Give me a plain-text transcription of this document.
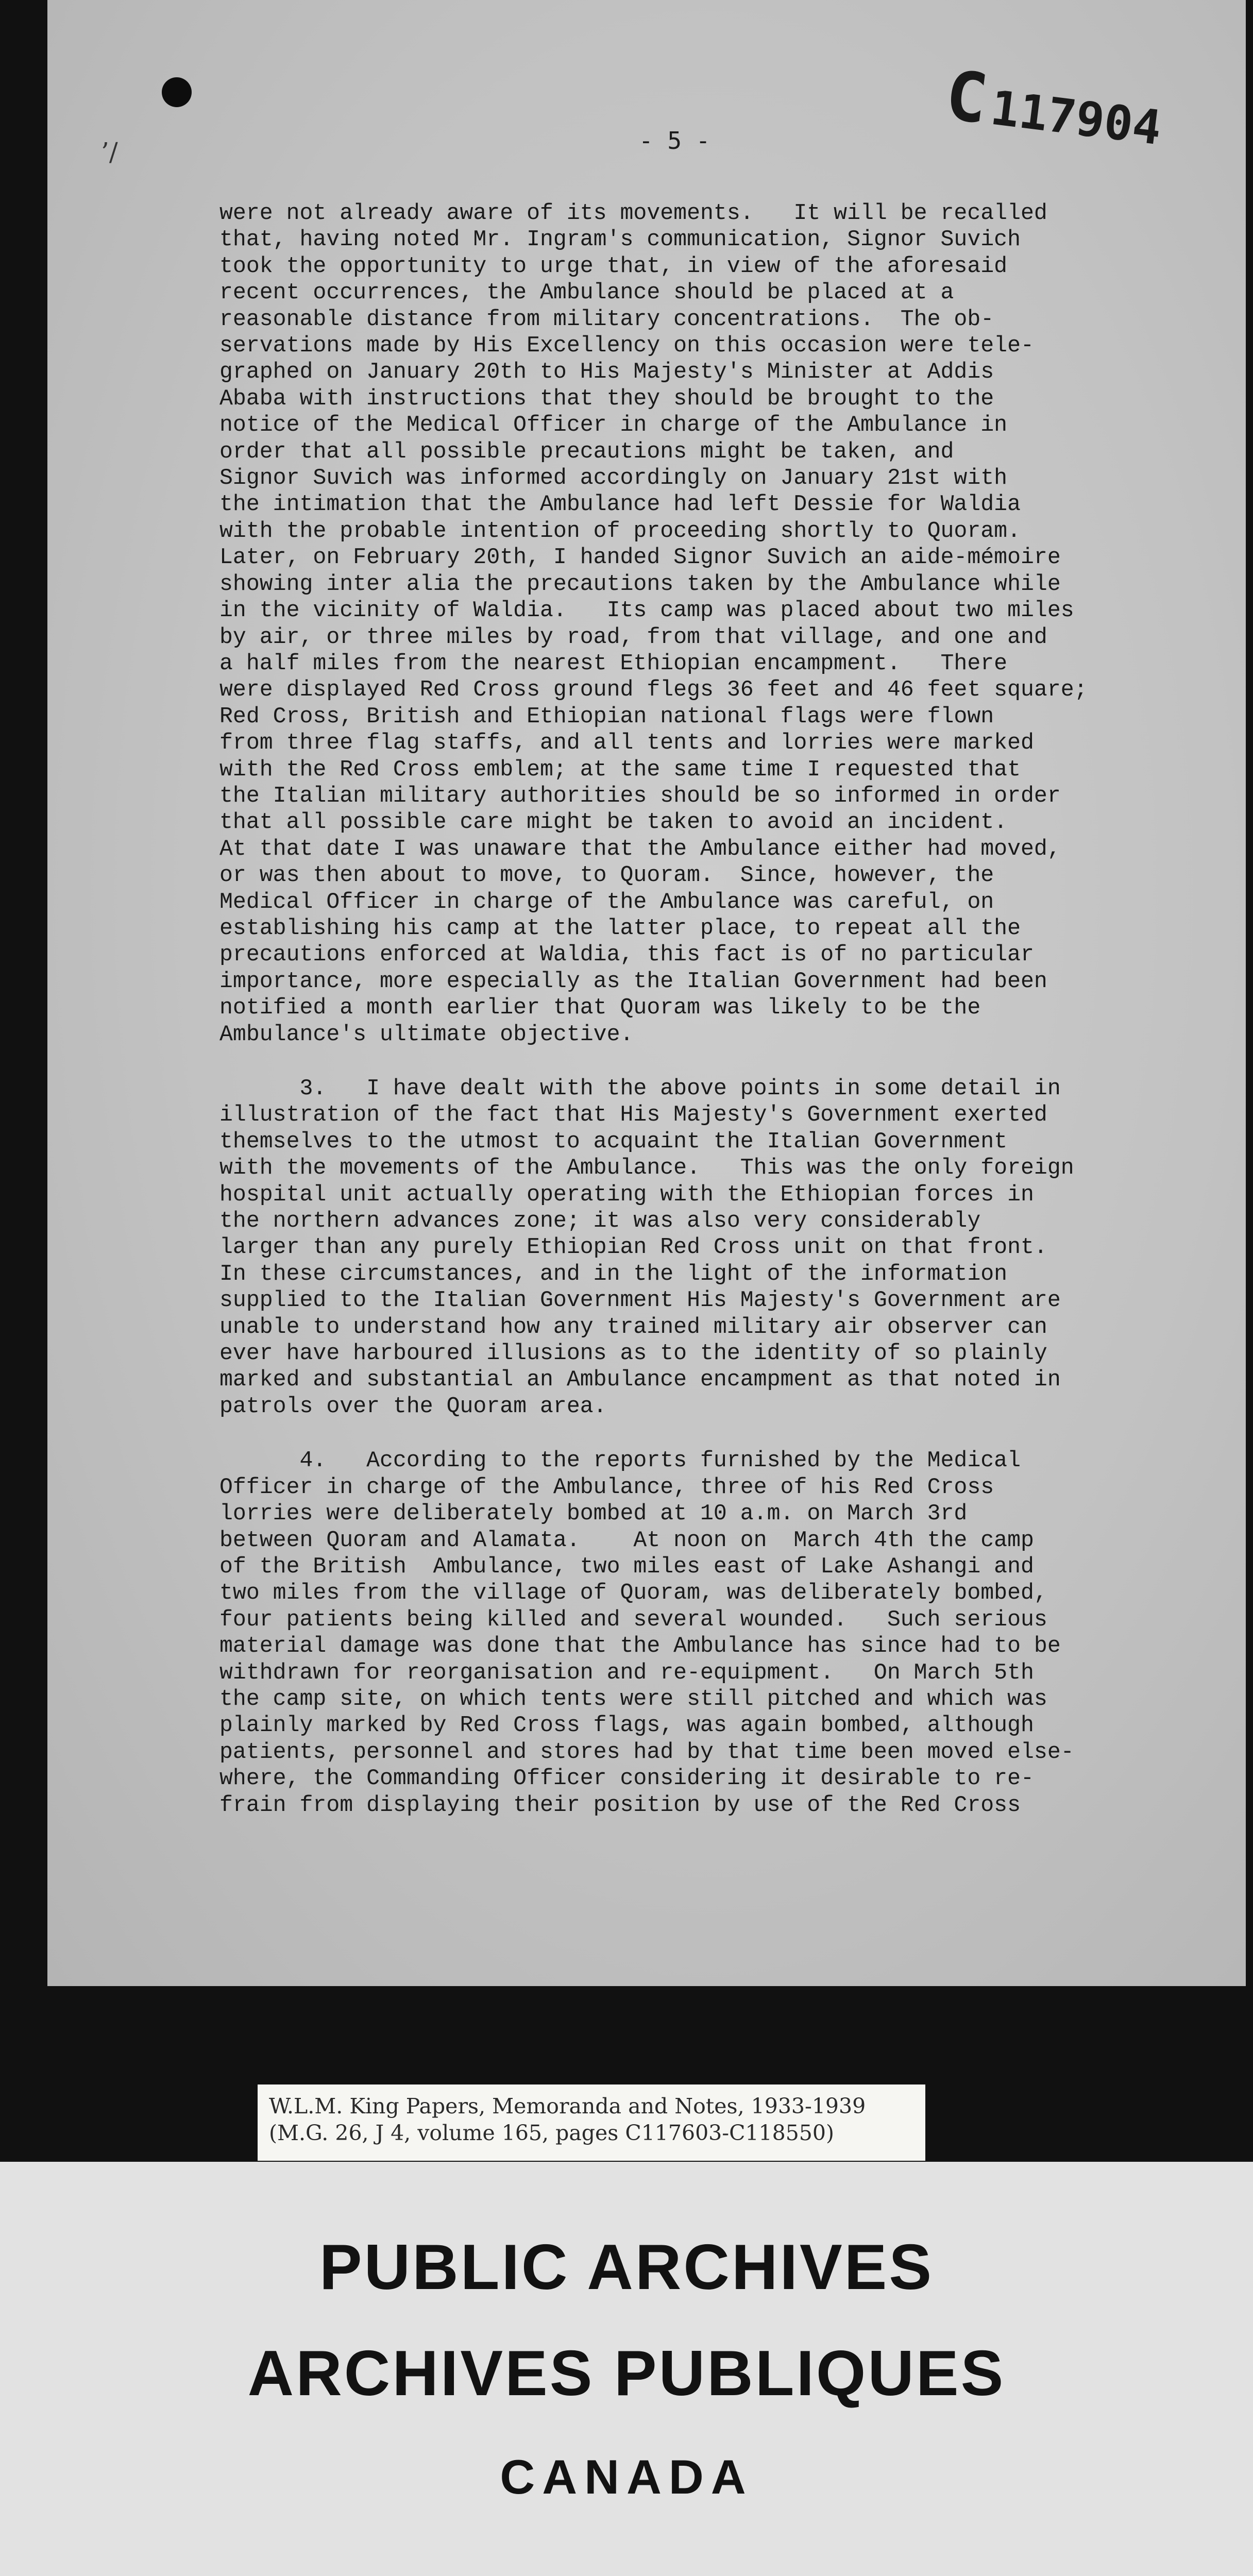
’/
C 117904
- 5 -
were not already aware of its movements.   It will be recalled
that, having noted Mr. Ingram's communication, Signor Suvich
took the opportunity to urge that, in view of the aforesaid
recent occurrences, the Ambulance should be placed at a
reasonable distance from military concentrations.  The ob-
servations made by His Excellency on this occasion were tele-
graphed on January 20th to His Majesty's Minister at Addis
Ababa with instructions that they should be brought to the
notice of the Medical Officer in charge of the Ambulance in
order that all possible precautions might be taken, and
Signor Suvich was informed accordingly on January 21st with
the intimation that the Ambulance had left Dessie for Waldia
with the probable intention of proceeding shortly to Quoram.
Later, on February 20th, I handed Signor Suvich an aide-mémoire
showing inter alia the precautions taken by the Ambulance while
in the vicinity of Waldia.   Its camp was placed about two miles
by air, or three miles by road, from that village, and one and
a half miles from the nearest Ethiopian encampment.   There
were displayed Red Cross ground flegs 36 feet and 46 feet square;
Red Cross, British and Ethiopian national flags were flown
from three flag staffs, and all tents and lorries were marked
with the Red Cross emblem; at the same time I requested that
the Italian military authorities should be so informed in order
that all possible care might be taken to avoid an incident.
At that date I was unaware that the Ambulance either had moved,
or was then about to move, to Quoram.  Since, however, the
Medical Officer in charge of the Ambulance was careful, on
establishing his camp at the latter place, to repeat all the
precautions enforced at Waldia, this fact is of no particular
importance, more especially as the Italian Government had been
notified a month earlier that Quoram was likely to be the
Ambulance's ultimate objective.
3.   I have dealt with the above points in some detail in
illustration of the fact that His Majesty's Government exerted
themselves to the utmost to acquaint the Italian Government
with the movements of the Ambulance.   This was the only foreign
hospital unit actually operating with the Ethiopian forces in
the northern advances zone; it was also very considerably
larger than any purely Ethiopian Red Cross unit on that front.
In these circumstances, and in the light of the information
supplied to the Italian Government His Majesty's Government are
unable to understand how any trained military air observer can
ever have harboured illusions as to the identity of so plainly
marked and substantial an Ambulance encampment as that noted in
patrols over the Quoram area.
4.   According to the reports furnished by the Medical
Officer in charge of the Ambulance, three of his Red Cross
lorries were deliberately bombed at 10 a.m. on March 3rd
between Quoram and Alamata.    At noon on  March 4th the camp
of the British  Ambulance, two miles east of Lake Ashangi and
two miles from the village of Quoram, was deliberately bombed,
four patients being killed and several wounded.   Such serious
material damage was done that the Ambulance has since had to be
withdrawn for reorganisation and re-equipment.   On March 5th
the camp site, on which tents were still pitched and which was
plainly marked by Red Cross flags, was again bombed, although
patients, personnel and stores had by that time been moved else-
where, the Commanding Officer considering it desirable to re-
frain from displaying their position by use of the Red Cross
W.L.M. King Papers, Memoranda and Notes, 1933-1939
(M.G. 26, J 4, volume 165, pages C117603-C118550)
PUBLIC ARCHIVES
ARCHIVES PUBLIQUES
CANADA
